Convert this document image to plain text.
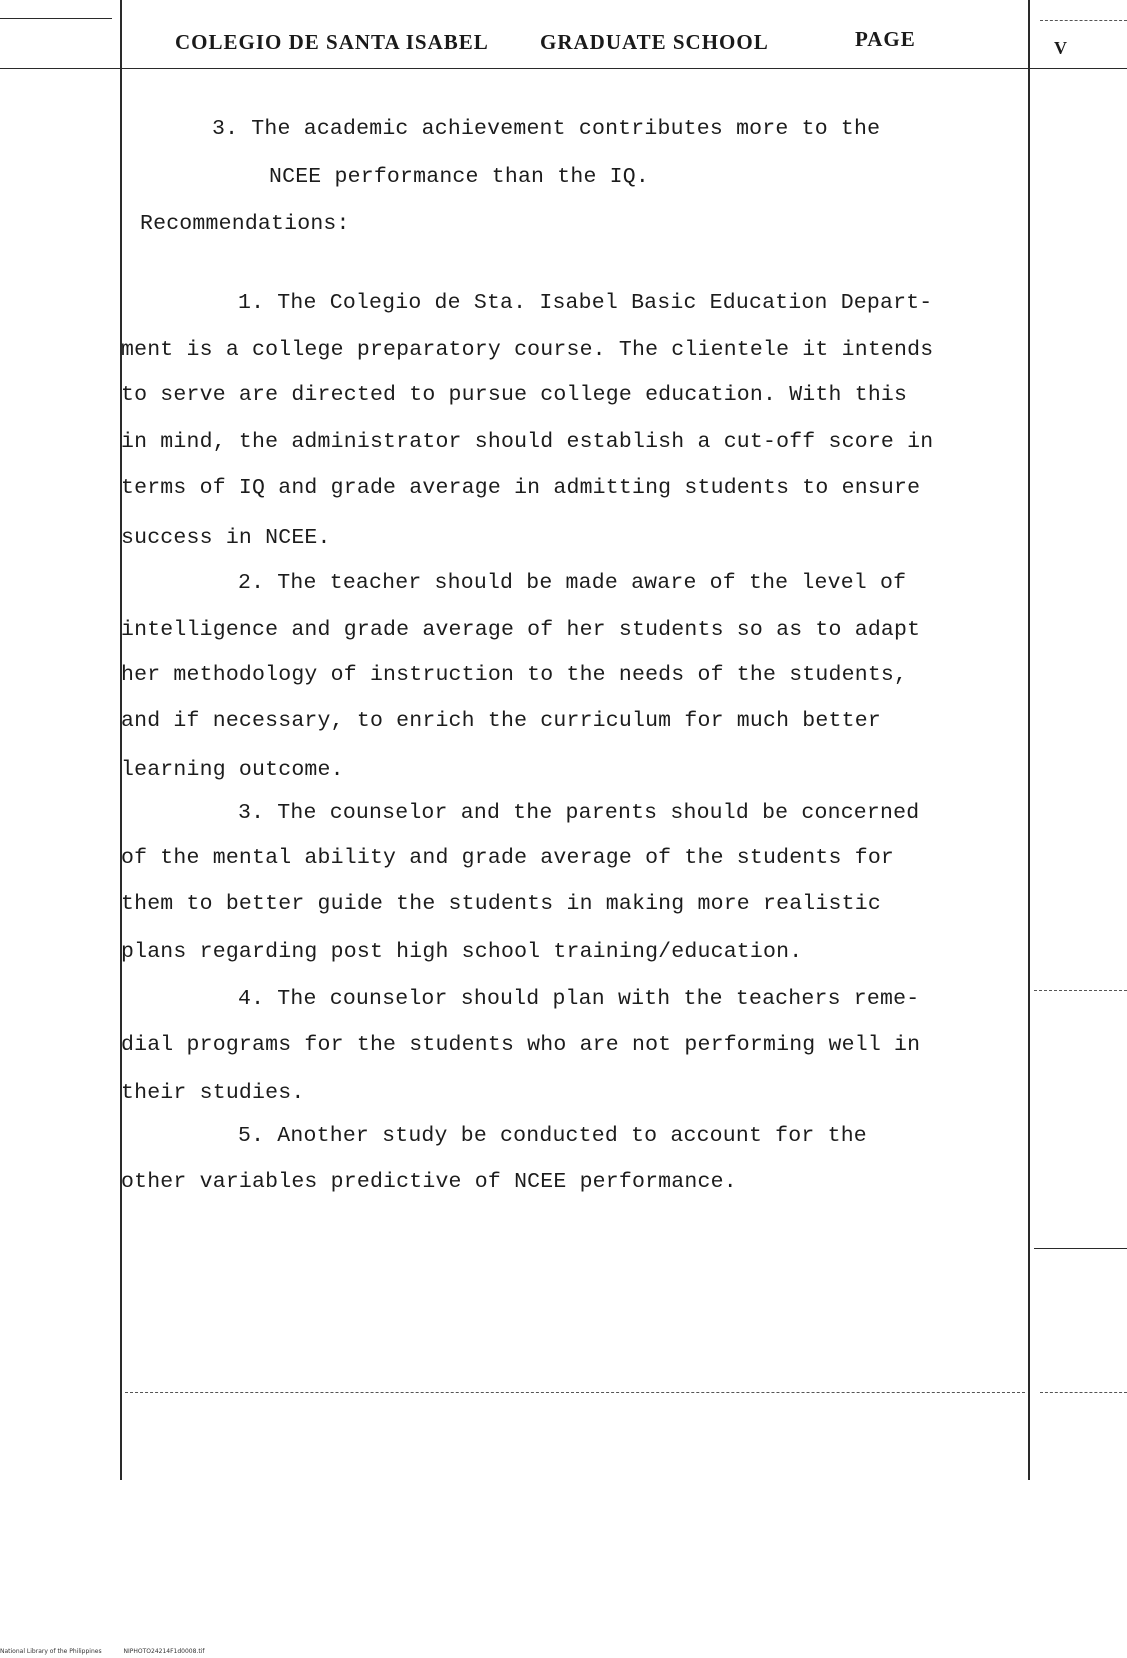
COLEGIO DE SANTA ISABEL GRADUATE SCHOOL	PAGE	V
3. The academic achievement contributes more to the
NCEE performance than the IQ.
Recommendations:
1. The Colegio de Sta. Isabel Basic Education Depart-
ment is a college preparatory course. The clientele it intends
to serve are directed to pursue college education. With this
in mind, the administrator should establish a cut-off score in
terms of IQ and grade average in admitting students to ensure
success in NCEE.
2. The teacher should be made aware of the level of
intelligence and grade average of her students so as to adapt
her methodology of instruction to the needs of the students,
and if necessary, to enrich the curriculum for much better
learning outcome.
3. The counselor and the parents should be concerned
of the mental ability and grade average of the students for
them to better guide the students in making more realistic
plans regarding post high school training/education.
4. The counselor should plan with the teachers reme-
dial programs for the students who are not performing well in
their studies.
5. Another study be conducted to account for the
other variables predictive of NCEE performance.
National Library of the Philippines	NIPHOTO24214F1d0008.tif
